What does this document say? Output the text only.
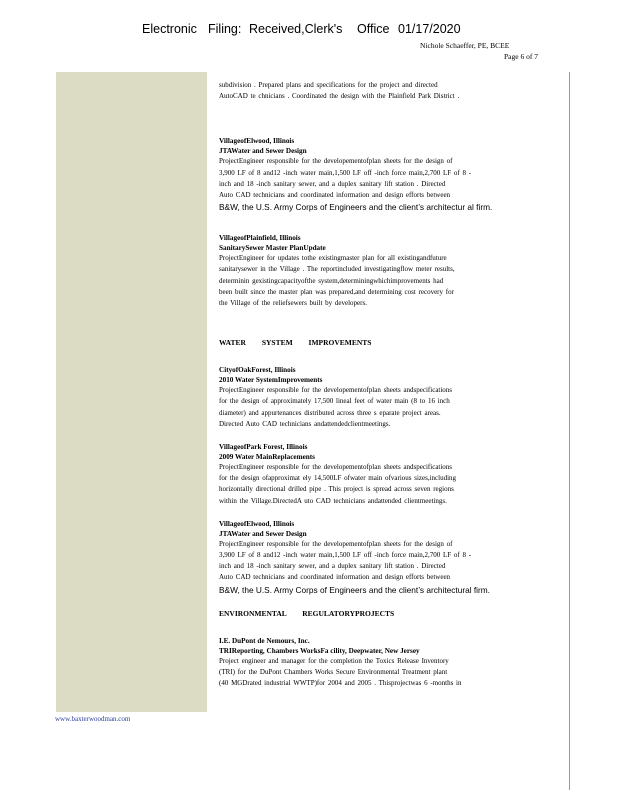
Electronic Filing: Received,Clerk's Office 01/17/2020
Nichole Schaeffer, PE, BCEE
Page 6 of 7

subdivision . Prepared plans and specifications for the project and directed

AutoCAD te chnicians . Coordinated the design with the Plainfield Park District .

VillageofElwood, Illinois

JTAWater and Sewer Design

ProjectEngineer responsible for the developementofplan sheets for the design of

3,900 LF of 8 and12 -inch water main,1,500 LF off -inch force main,2,700 LF of 8 -

inch and 18 -inch sanitary sewer, and a duplex sanitary lift station . Directed

Auto CAD technicians and coordinated information and design efforts between

B&W, the U.S. Army Corps of Engineers and the client’s architectur al firm.

VillageofPlainfield, Illinois

SanitarySewer Master PlanUpdate

ProjectEngineer for updates tothe existingmaster plan for all existingandfuture

sanitarysewer in the Village . The reportincluded investigatingflow meter results,

determinin gexistingcapacityofthe system,determiningwhichimprovements had

been built since the master plan was prepared,and determining cost recovery for

the Village of the reliefsewers built by developers.

WATER SYSTEM IMPROVEMENTS

CityofOakForest, Illinois

2010 Water SystemImprovements

ProjectEngineer responsible for the developementofplan sheets andspecifications

for the design of approximately 17,500 lineal feet of water main (8 to 16 inch

diameter) and appurtenances distributed across three s eparate project areas.

Directed Auto CAD technicians andattendedclientmeetings.

VillageofPark Forest, Illinois

2009 Water MainReplacements

ProjectEngineer responsible for the developementofplan sheets andspecifications

for the design ofapproximat ely 14,500LF ofwater main ofvarious sizes,including

horizontally directional drilled pipe . This project is spread across seven regions

within the Village.DirectedA uto CAD technicians andattended clientmeetings.

VillageofElwood, Illinois

JTAWater and Sewer Design

ProjectEngineer responsible for the developementofplan sheets for the design of

3,900 LF of 8 and12 -inch water main,1,500 LF off -inch force main,2,700 LF of 8 -

inch and 18 -inch sanitary sewer, and a duplex sanitary lift station . Directed

Auto CAD technicians and coordinated information and design efforts between

B&W, the U.S. Army Corps of Engineers and the client’s architectural firm.

ENVIRONMENTAL REGULATORYPROJECTS

I.E. DuPont de Nemours, Inc.

TRIReporting, Chambers WorksFa cility, Deepwater, New Jersey

Project engineer and manager for the completion the Toxics Release Inventory

(TRI) for the DuPont Chambers Works Secure Environmental Treatment plant

(40 MGDrated industrial WWTP)for 2004 and 2005 . Thisprojectwas 6 -months in

www.baxterwoodman.com
